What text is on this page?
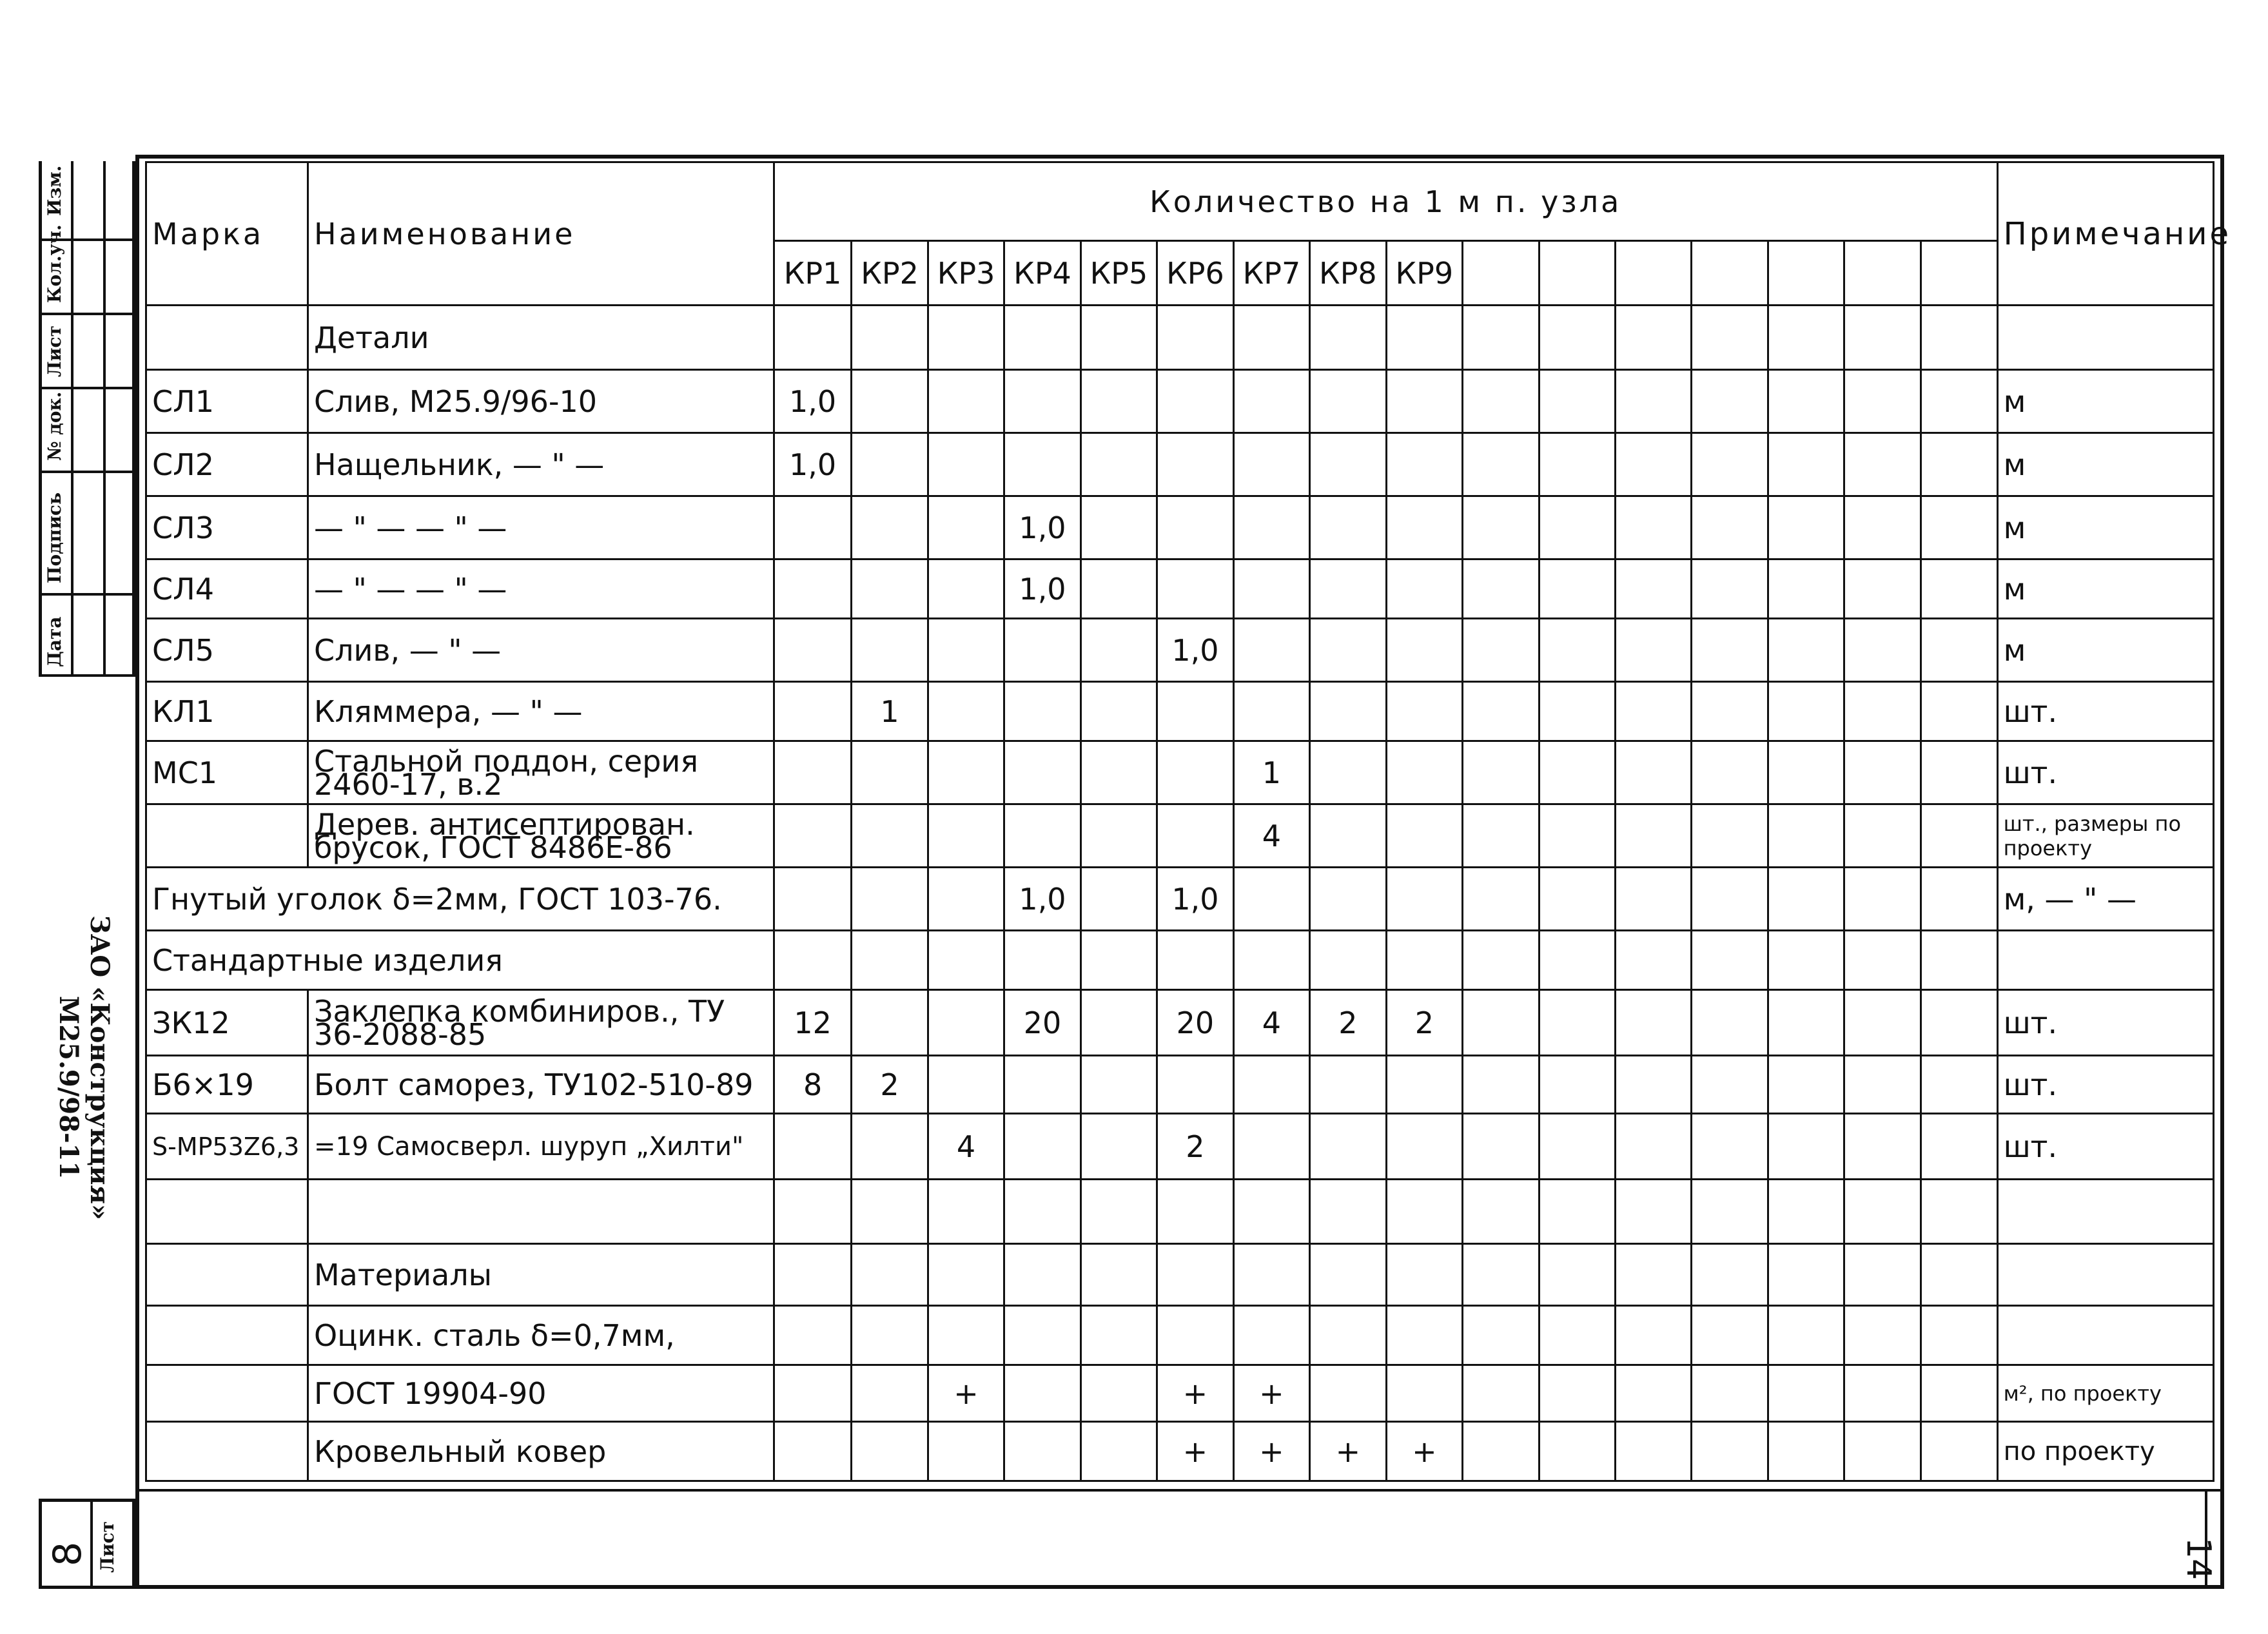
Изм.
Кол.уч.
Лист
№ док.
Подпись
Дата
ЗАО «Конструкция»
М25.9/98-11
8 Лист	14
Марка	Наименование	Количество на 1 м п. узла																Примечание
		КР1	КР2	КР3	КР4	КР5	КР6	КР7	КР8	КР9								
	Детали																	
СЛ1	Слив, М25.9/96-10	1,0																м
СЛ2	Нащельник, — " —	1,0																м
СЛ3	— " — — " —				1,0													м
СЛ4	— " — — " —				1,0													м
СЛ5	Слив, — " —						1,0											м
КЛ1	Кляммера, — " —		1															шт.
МС1	Стальной поддон, серия 2460-17, в.2							1										шт.
	Дерев. антисептирован. брусок, ГОСТ 8486Е-86							4										шт., размеры по проекту
Гнутый уголок δ=2мм, ГОСТ 103-76.					1,0		1,0											м, — " —
Стандартные изделия																		
ЗК12	Заклепка комбиниров., ТУ 36-2088-85	12			20		20	4	2	2								шт.
Б6×19	Болт саморез, ТУ102-510-89	8	2															шт.
S-MP53Z6,3	=19 Самосверл. шуруп „Хилти"			4			2											шт.

	Материалы																	
	Оцинк. сталь δ=0,7мм,																	
	ГОСТ 19904-90			+			+	+										м², по проекту
	Кровельный ковер						+	+	+	+								по проекту
